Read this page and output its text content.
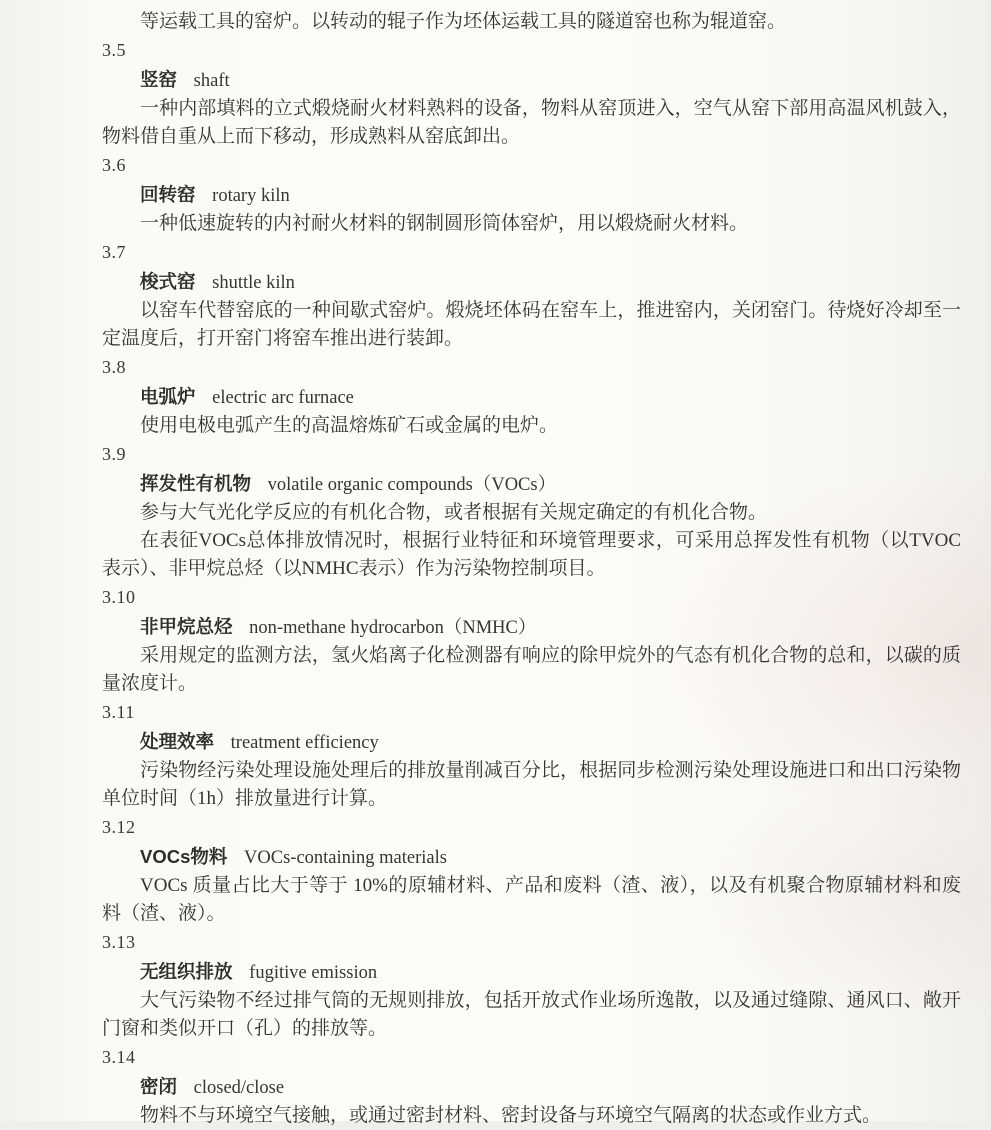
等运载工具的窑炉。以转动的辊子作为坯体运载工具的隧道窑也称为辊道窑。

3.5

竖窑 shaft

一种内部填料的立式煅烧耐火材料熟料的设备，物料从窑顶进入，空气从窑下部用高温风机鼓入，物料借自重从上而下移动，形成熟料从窑底卸出。

3.6

回转窑 rotary kiln

一种低速旋转的内衬耐火材料的钢制圆形筒体窑炉，用以煅烧耐火材料。

3.7

梭式窑 shuttle kiln

以窑车代替窑底的一种间歇式窑炉。煅烧坯体码在窑车上，推进窑内，关闭窑门。待烧好冷却至一定温度后，打开窑门将窑车推出进行装卸。

3.8

电弧炉 electric arc furnace

使用电极电弧产生的高温熔炼矿石或金属的电炉。

3.9

挥发性有机物 volatile organic compounds（VOCs）

参与大气光化学反应的有机化合物，或者根据有关规定确定的有机化合物。

在表征VOCs总体排放情况时，根据行业特征和环境管理要求，可采用总挥发性有机物（以TVOC表示）、非甲烷总烃（以NMHC表示）作为污染物控制项目。

3.10

非甲烷总烃 non-methane hydrocarbon（NMHC）

采用规定的监测方法，氢火焰离子化检测器有响应的除甲烷外的气态有机化合物的总和，以碳的质量浓度计。

3.11

处理效率 treatment efficiency

污染物经污染处理设施处理后的排放量削减百分比，根据同步检测污染处理设施进口和出口污染物单位时间（1h）排放量进行计算。

3.12

VOCs物料 VOCs-containing materials

VOCs 质量占比大于等于 10%的原辅材料、产品和废料（渣、液），以及有机聚合物原辅材料和废料（渣、液）。

3.13

无组织排放 fugitive emission

大气污染物不经过排气筒的无规则排放，包括开放式作业场所逸散，以及通过缝隙、通风口、敞开门窗和类似开口（孔）的排放等。

3.14

密闭 closed/close

物料不与环境空气接触，或通过密封材料、密封设备与环境空气隔离的状态或作业方式。
